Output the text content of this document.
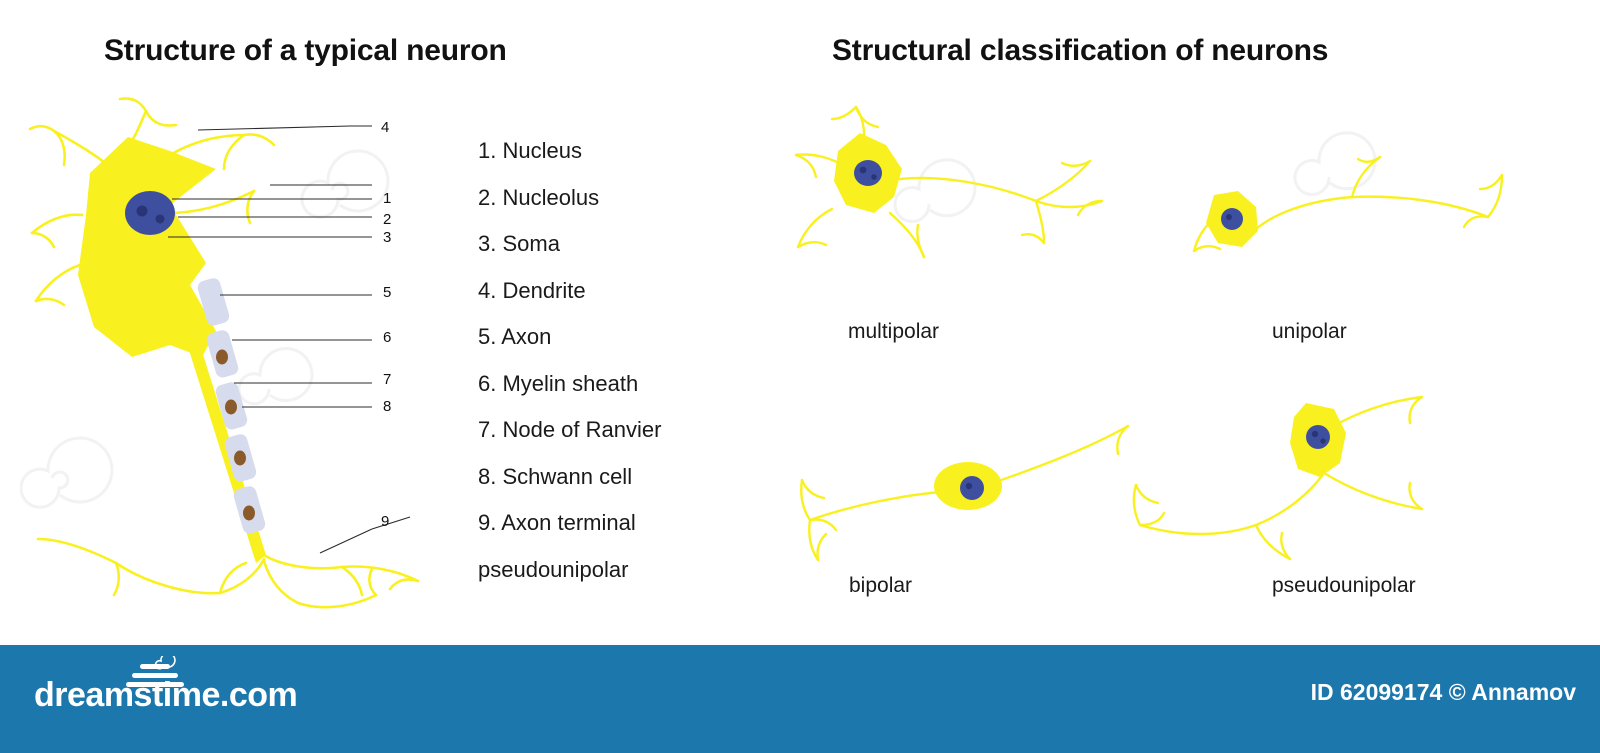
Structure of a typical neuron	Structural classification of neurons
4
1
2
3
5
6
7
8
9
1. Nucleus
2. Nucleolus
3. Soma
4. Dendrite
5. Axon
6. Myelin sheath
7. Node of Ranvier
8. Schwann cell
9. Axon terminal
pseudounipolar
multipolar	unipolar
bipolar	pseudounipolar
dreamstime.com	ID 62099174 © Annamov
